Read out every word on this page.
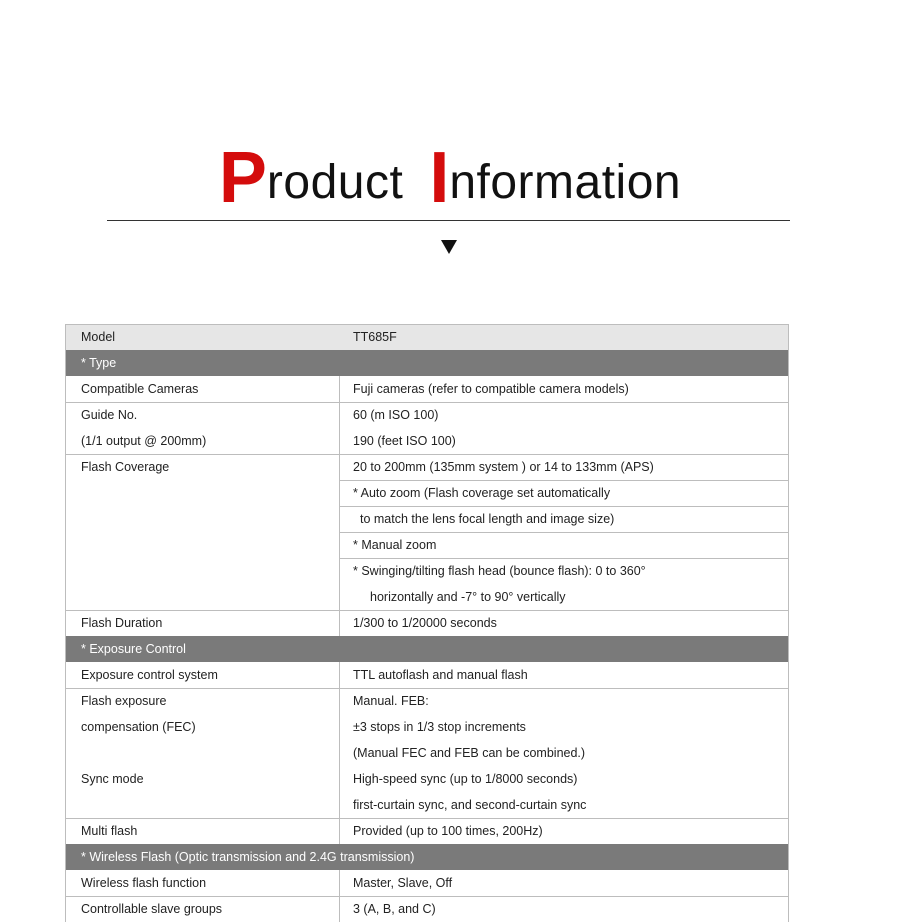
Product Information
Model	TT685F
* Type
Compatible Cameras	Fuji cameras (refer to compatible camera models)
Guide No.	60 (m ISO 100)
(1/1 output @ 200mm)	190 (feet ISO 100)
Flash Coverage	20 to 200mm (135mm system ) or 14 to 133mm (APS)
* Auto zoom (Flash coverage set automatically
to match the lens focal length and image size)
* Manual zoom
* Swinging/tilting flash head (bounce flash): 0 to 360°
horizontally and -7° to 90° vertically
Flash Duration	1/300 to 1/20000 seconds
* Exposure Control
Exposure control system	TTL autoflash and manual flash
Flash exposure	Manual. FEB:
compensation (FEC)	±3 stops in 1/3 stop increments
(Manual FEC and FEB can be combined.)
Sync mode	High-speed sync (up to 1/8000 seconds)
first-curtain sync, and second-curtain sync
Multi flash	Provided (up to 100 times, 200Hz)
* Wireless Flash (Optic transmission and 2.4G transmission)
Wireless flash function	Master, Slave, Off
Controllable slave groups	3 (A, B, and C)
